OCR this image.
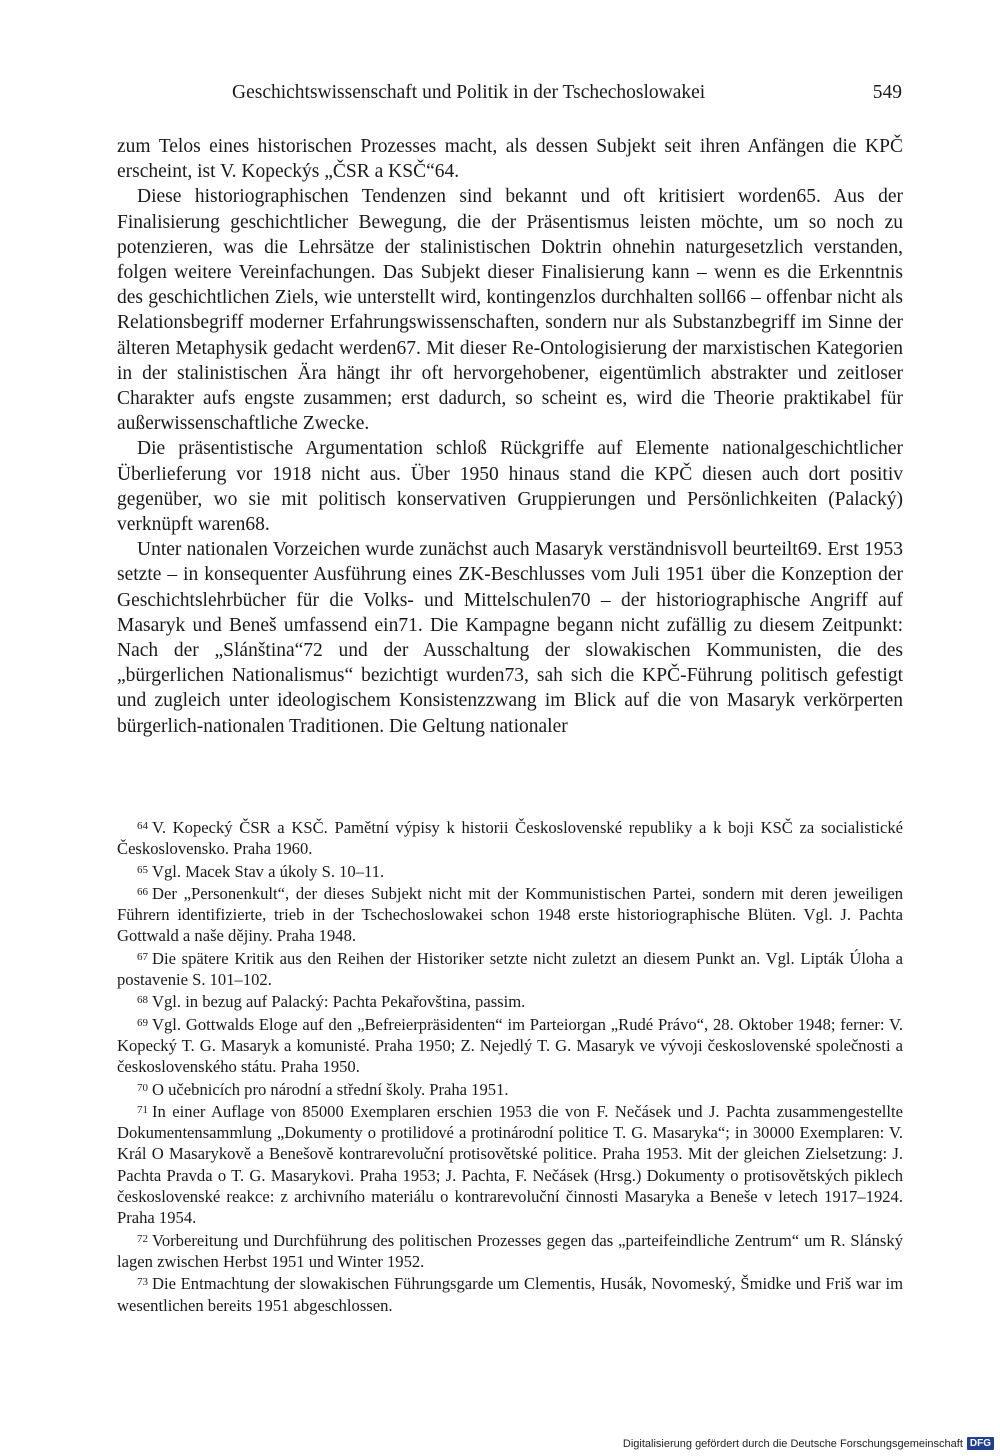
Geschichtswissenschaft und Politik in der Tschechoslowakei	549

zum Telos eines historischen Prozesses macht, als dessen Subjekt seit ihren Anfängen die KPČ erscheint, ist V. Kopeckýs „ČSR a KSČ“64.

Diese historiographischen Tendenzen sind bekannt und oft kritisiert worden65. Aus der Finalisierung geschichtlicher Bewegung, die der Präsentismus leisten möchte, um so noch zu potenzieren, was die Lehrsätze der stalinistischen Doktrin ohnehin naturgesetzlich verstanden, folgen weitere Vereinfachungen. Das Subjekt dieser Finalisierung kann – wenn es die Erkenntnis des geschichtlichen Ziels, wie unterstellt wird, kontingenzlos durchhalten soll66 – offenbar nicht als Relationsbegriff moderner Erfahrungswissenschaften, sondern nur als Substanzbegriff im Sinne der älteren Metaphysik gedacht werden67. Mit dieser Re-Ontologisierung der marxistischen Kategorien in der stalinistischen Ära hängt ihr oft hervorgehobener, eigentümlich abstrakter und zeitloser Charakter aufs engste zusammen; erst dadurch, so scheint es, wird die Theorie praktikabel für außerwissenschaftliche Zwecke.

Die präsentistische Argumentation schloß Rückgriffe auf Elemente nationalgeschichtlicher Überlieferung vor 1918 nicht aus. Über 1950 hinaus stand die KPČ diesen auch dort positiv gegenüber, wo sie mit politisch konservativen Gruppierungen und Persönlichkeiten (Palacký) verknüpft waren68.

Unter nationalen Vorzeichen wurde zunächst auch Masaryk verständnisvoll beurteilt69. Erst 1953 setzte – in konsequenter Ausführung eines ZK-Beschlusses vom Juli 1951 über die Konzeption der Geschichtslehrbücher für die Volks- und Mittelschulen70 – der historiographische Angriff auf Masaryk und Beneš umfassend ein71. Die Kampagne begann nicht zufällig zu diesem Zeitpunkt: Nach der „Slánština“72 und der Ausschaltung der slowakischen Kommunisten, die des „bürgerlichen Nationalismus“ bezichtigt wurden73, sah sich die KPČ-Führung politisch gefestigt und zugleich unter ideologischem Konsistenzzwang im Blick auf die von Masaryk verkörperten bürgerlich-nationalen Traditionen. Die Geltung nationaler

$^{64}$ V. Kopecký ČSR a KSČ. Pamětní výpisy k historii Československé republiky a k boji KSČ za socialistické Československo. Praha 1960.

$^{65}$ Vgl. Macek Stav a úkoly S. 10–11.

$^{66}$ Der „Personenkult“, der dieses Subjekt nicht mit der Kommunistischen Partei, sondern mit deren jeweiligen Führern identifizierte, trieb in der Tschechoslowakei schon 1948 erste historiographische Blüten. Vgl. J. Pachta Gottwald a naše dějiny. Praha 1948.

$^{67}$ Die spätere Kritik aus den Reihen der Historiker setzte nicht zuletzt an diesem Punkt an. Vgl. Lipták Úloha a postavenie S. 101–102.

$^{68}$ Vgl. in bezug auf Palacký: Pachta Pekařovština, passim.

$^{69}$ Vgl. Gottwalds Eloge auf den „Befreierpräsidenten“ im Parteiorgan „Rudé Právo“, 28. Oktober 1948; ferner: V. Kopecký T. G. Masaryk a komunisté. Praha 1950; Z. Nejedlý T. G. Masaryk ve vývoji československé společnosti a československého státu. Praha 1950.

$^{70}$ O učebnicích pro národní a střední školy. Praha 1951.

$^{71}$ In einer Auflage von 85000 Exemplaren erschien 1953 die von F. Nečásek und J. Pachta zusammengestellte Dokumentensammlung „Dokumenty o protilidové a protinárodní politice T. G. Masaryka“; in 30000 Exemplaren: V. Král O Masarykově a Benešově kontrarevoluční protisovětské politice. Praha 1953. Mit der gleichen Zielsetzung: J. Pachta Pravda o T. G. Masarykovi. Praha 1953; J. Pachta, F. Nečásek (Hrsg.) Dokumenty o protisovětských piklech československé reakce: z archivního materiálu o kontrarevoluční činnosti Masaryka a Beneše v letech 1917–1924. Praha 1954.

$^{72}$ Vorbereitung und Durchführung des politischen Prozesses gegen das „parteifeindliche Zentrum“ um R. Slánský lagen zwischen Herbst 1951 und Winter 1952.

$^{73}$ Die Entmachtung der slowakischen Führungsgarde um Clementis, Husák, Novomeský, Šmidke und Friš war im wesentlichen bereits 1951 abgeschlossen.

Digitalisierung gefördert durch die Deutsche Forschungsgemeinschaft DFG
